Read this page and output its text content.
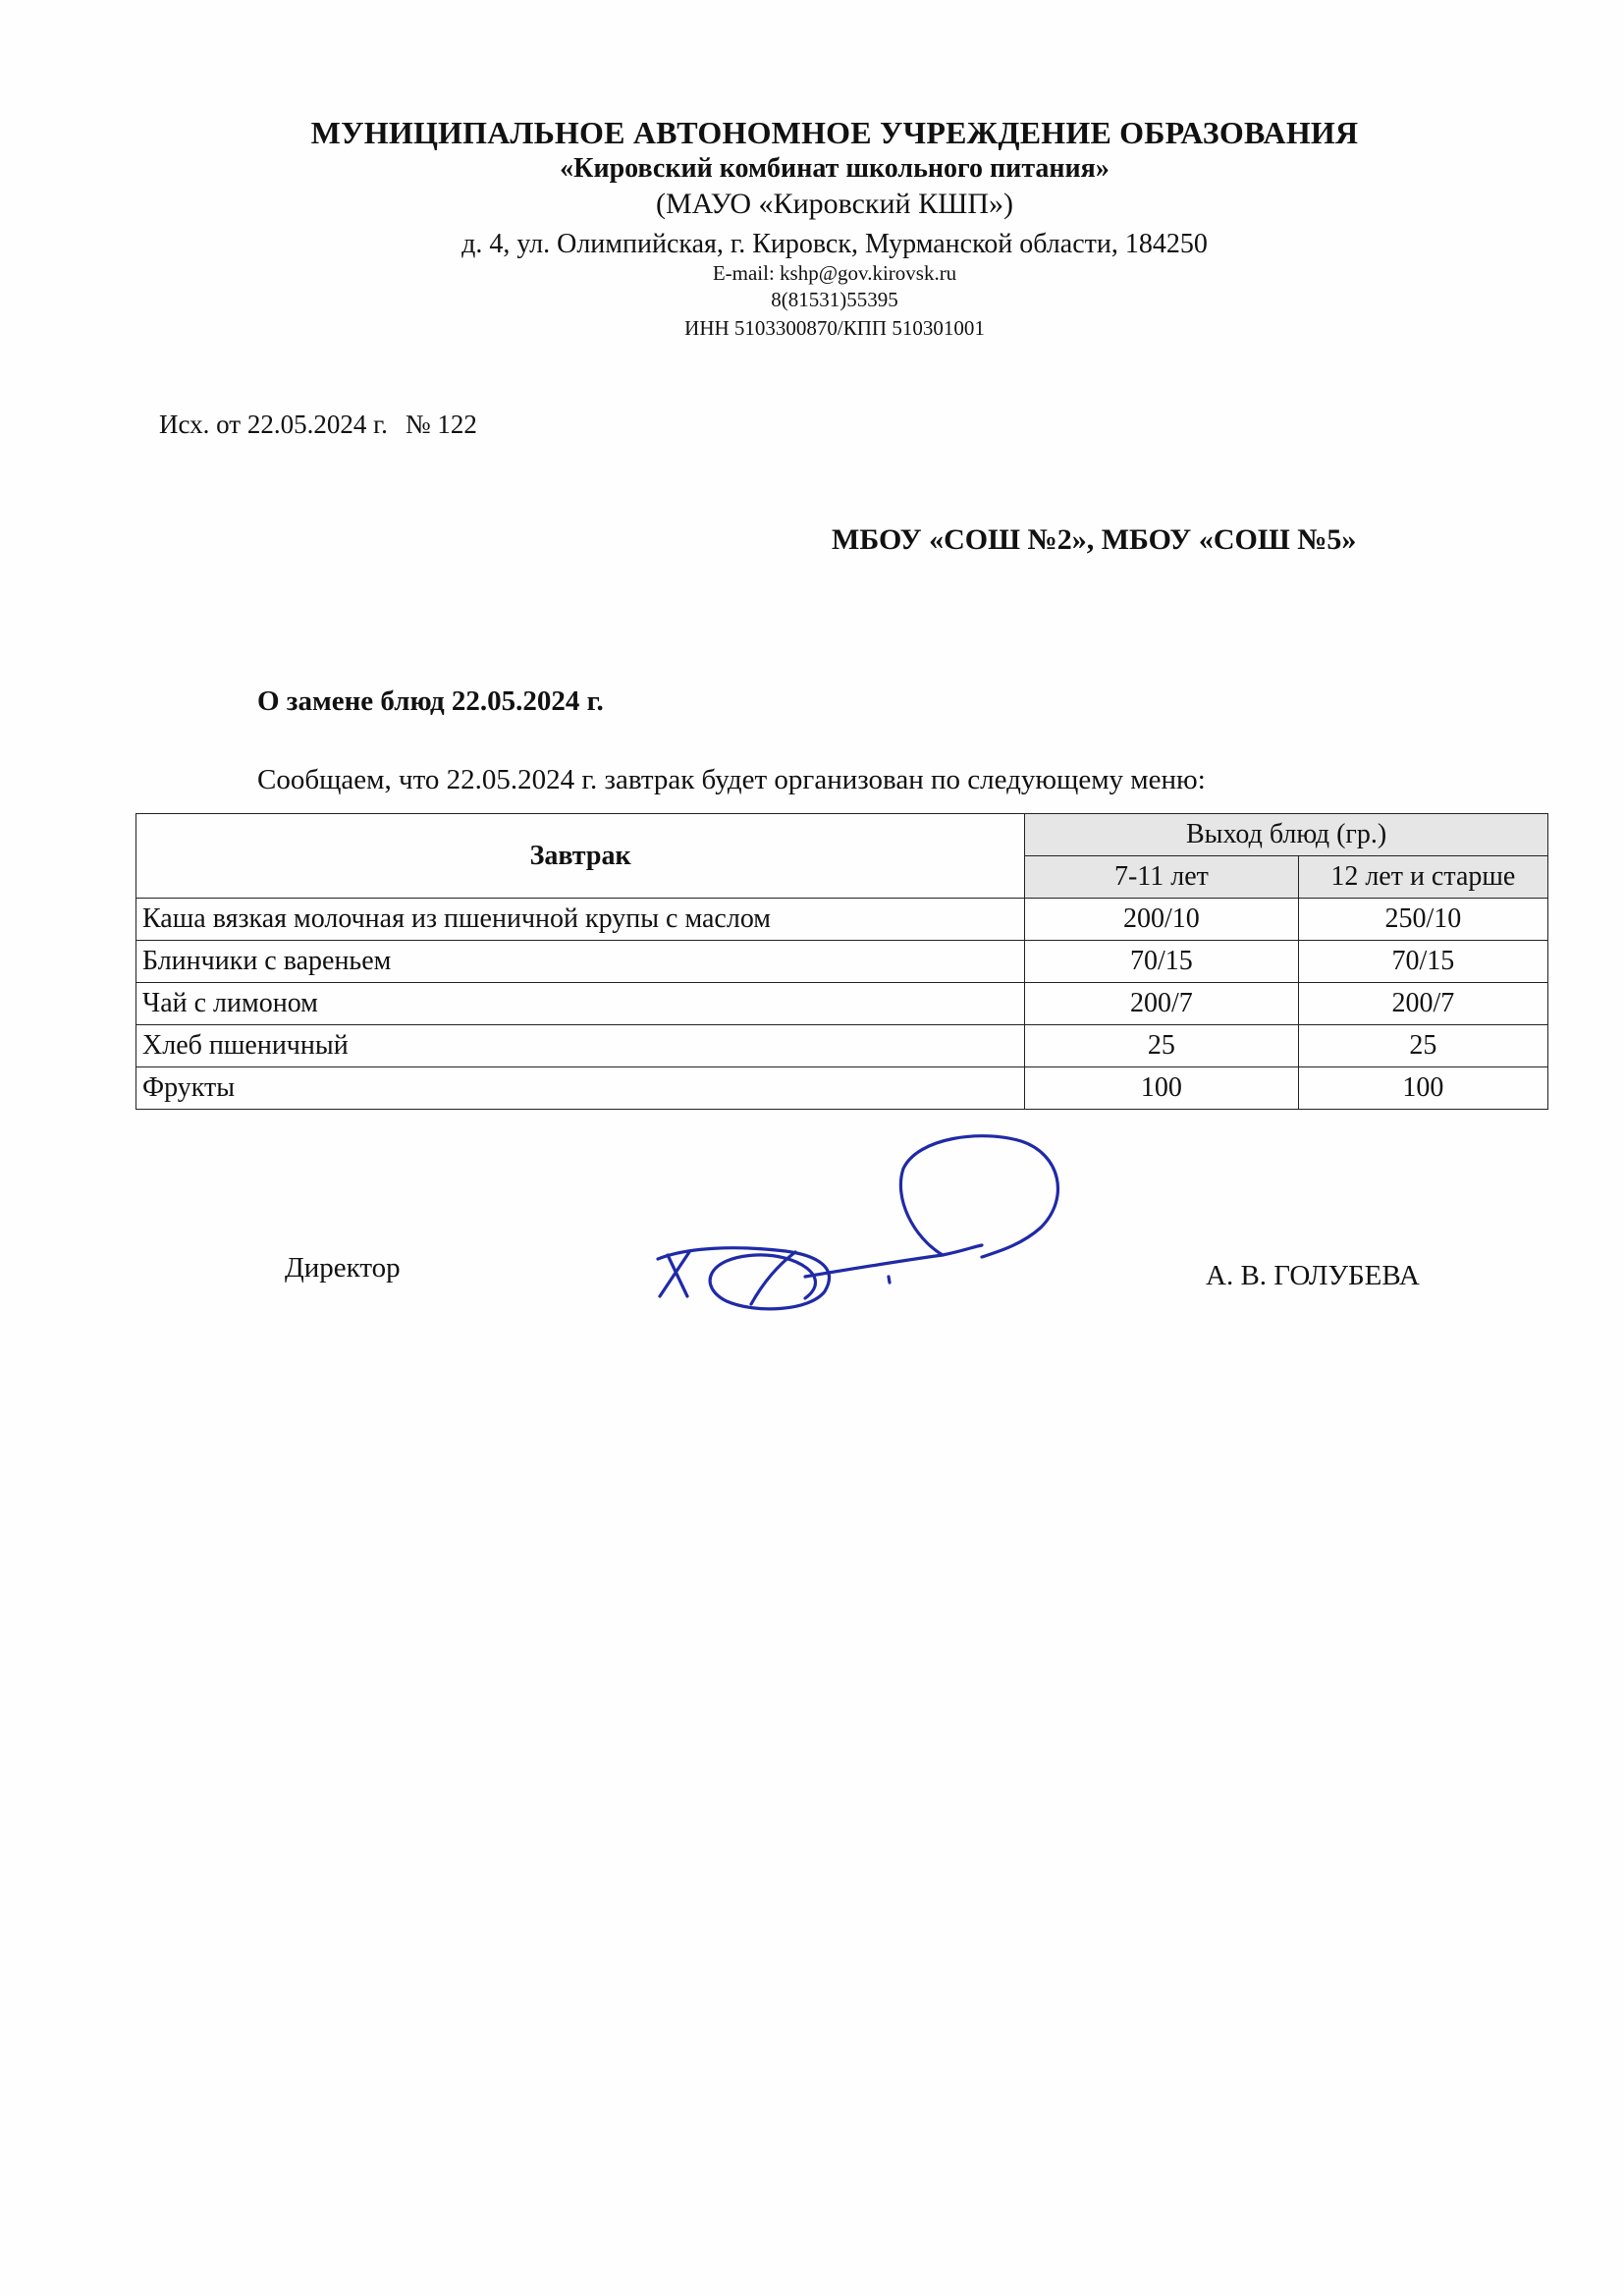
МУНИЦИПАЛЬНОЕ АВТОНОМНОЕ УЧРЕЖДЕНИЕ ОБРАЗОВАНИЯ
«Кировский комбинат школьного питания»
(МАУО «Кировский КШП»)
д. 4, ул. Олимпийская, г. Кировск, Мурманской области, 184250
E-mail: kshp@gov.kirovsk.ru
8(81531)55395
ИНН 5103300870/КПП 510301001
Исх. от 22.05.2024 г. № 122
МБОУ «СОШ №2», МБОУ «СОШ №5»
О замене блюд 22.05.2024 г.
Сообщаем, что 22.05.2024 г. завтрак будет организован по следующему меню:
Завтрак	Выход блюд (гр.)	
	7-11 лет	12 лет и старше
Каша вязкая молочная из пшеничной крупы с маслом	200/10	250/10
Блинчики с вареньем	70/15	70/15
Чай с лимоном	200/7	200/7
Хлеб пшеничный	25	25
Фрукты	100	100
Директор	А. В. ГОЛУБЕВА
